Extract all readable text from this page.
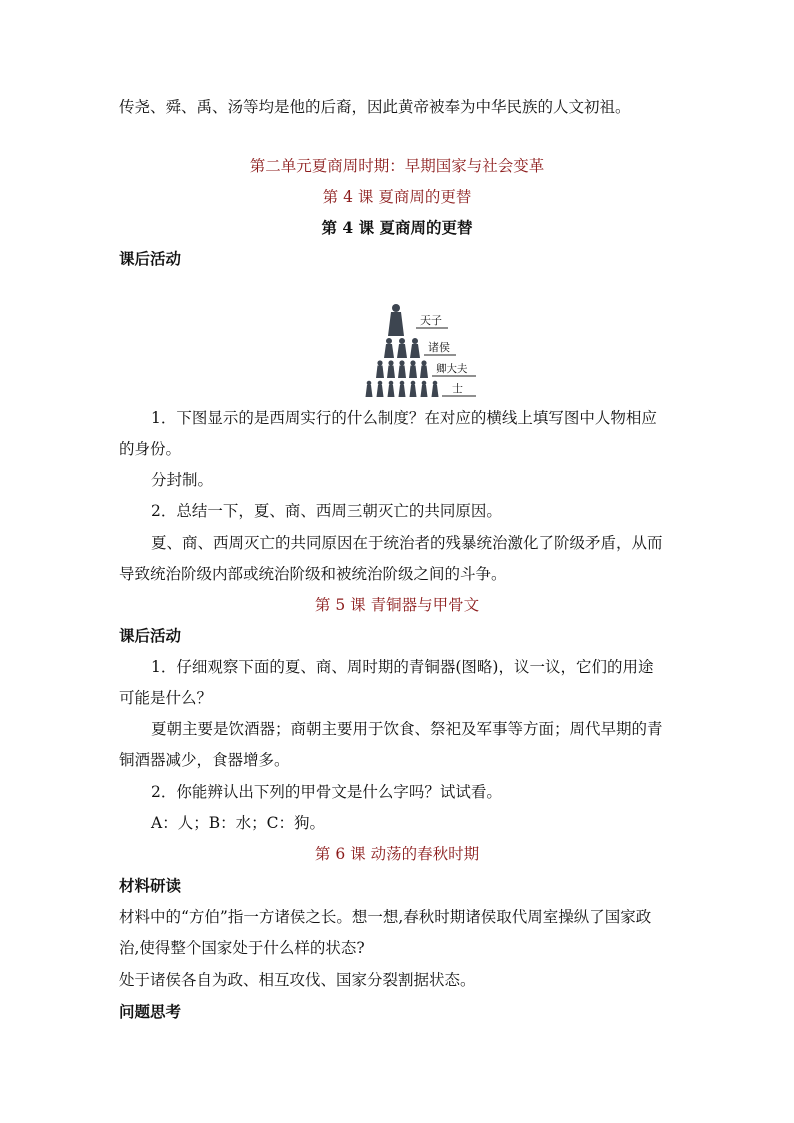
传尧、舜、禹、汤等均是他的后裔，因此黄帝被奉为中华民族的人文初祖。
第二单元夏商周时期：早期国家与社会变革
第 4 课 夏商周的更替
第 4 课 夏商周的更替
课后活动
天子
诸侯
卿大夫
士
1．下图显示的是西周实行的什么制度？在对应的横线上填写图中人物相应
的身份。
分封制。
2．总结一下，夏、商、西周三朝灭亡的共同原因。
夏、商、西周灭亡的共同原因在于统治者的残暴统治激化了阶级矛盾，从而
导致统治阶级内部或统治阶级和被统治阶级之间的斗争。
第 5 课 青铜器与甲骨文
课后活动
1．仔细观察下面的夏、商、周时期的青铜器(图略)，议一议，它们的用途
可能是什么？
夏朝主要是饮酒器；商朝主要用于饮食、祭祀及军事等方面；周代早期的青
铜酒器减少，食器增多。
2．你能辨认出下列的甲骨文是什么字吗？试试看。
A：人；B：水；C：狗。
第 6 课 动荡的春秋时期
材料研读
材料中的“方伯”指一方诸侯之长。想一想,春秋时期诸侯取代周室操纵了国家政
治,使得整个国家处于什么样的状态?
处于诸侯各自为政、相互攻伐、国家分裂割据状态。
问题思考
